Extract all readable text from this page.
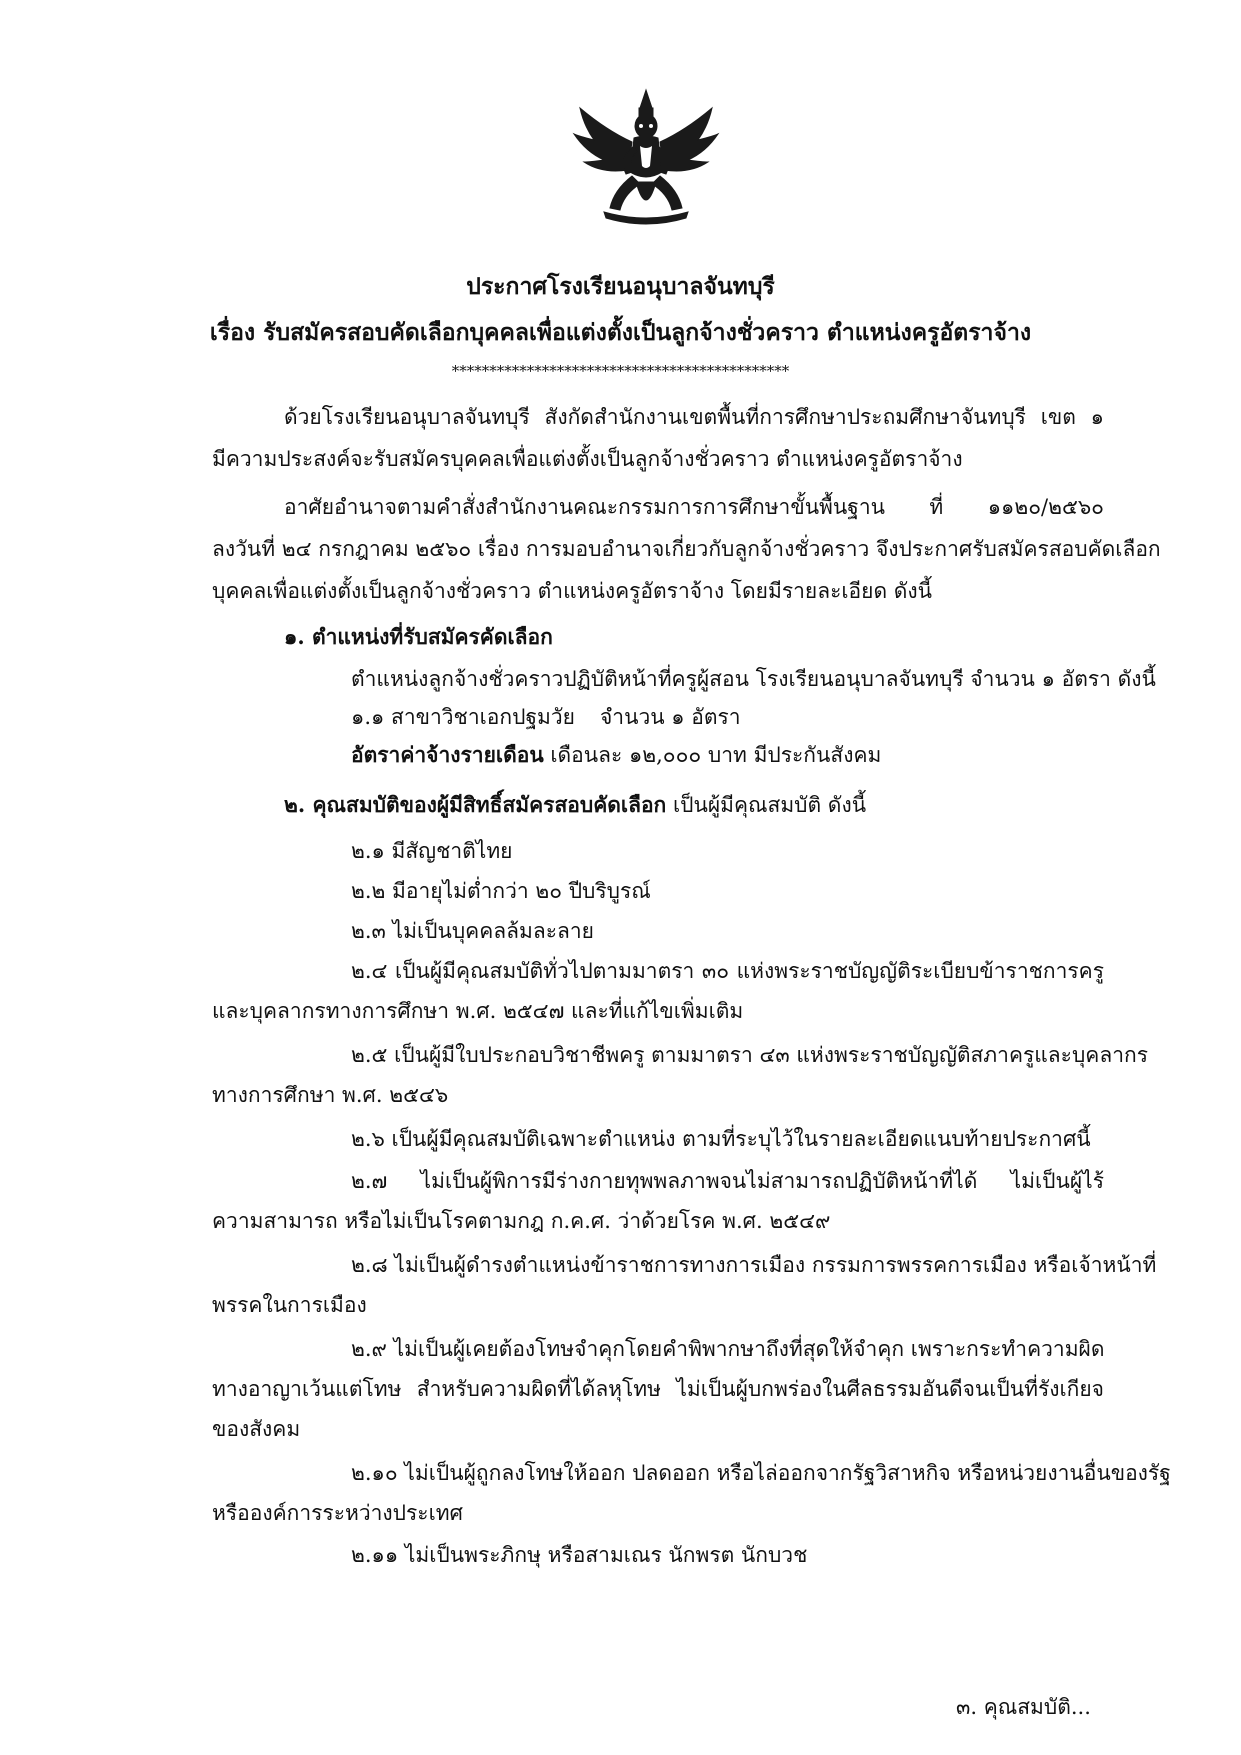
ประกาศโรงเรียนอนุบาลจันทบุรี

เรื่อง รับสมัครสอบคัดเลือกบุคคลเพื่อแต่งตั้งเป็นลูกจ้างชั่วคราว ตำแหน่งครูอัตราจ้าง

*********************************************

ด้วยโรงเรียนอนุบาลจันทบุรี สังกัดสำนักงานเขตพื้นที่การศึกษาประถมศึกษาจันทบุรี เขต ๑

มีความประสงค์จะรับสมัครบุคคลเพื่อแต่งตั้งเป็นลูกจ้างชั่วคราว ตำแหน่งครูอัตราจ้าง

อาศัยอำนาจตามคำสั่งสำนักงานคณะกรรมการการศึกษาขั้นพื้นฐาน ที่ ๑๑๒๐/๒๕๖๐

ลงวันที่ ๒๔ กรกฎาคม ๒๕๖๐ เรื่อง การมอบอำนาจเกี่ยวกับลูกจ้างชั่วคราว จึงประกาศรับสมัครสอบคัดเลือก

บุคคลเพื่อแต่งตั้งเป็นลูกจ้างชั่วคราว ตำแหน่งครูอัตราจ้าง โดยมีรายละเอียด ดังนี้

๑. ตำแหน่งที่รับสมัครคัดเลือก

ตำแหน่งลูกจ้างชั่วคราวปฏิบัติหน้าที่ครูผู้สอน โรงเรียนอนุบาลจันทบุรี จำนวน ๑ อัตรา ดังนี้

๑.๑ สาขาวิชาเอกปฐมวัย จำนวน ๑ อัตรา

อัตราค่าจ้างรายเดือน เดือนละ ๑๒,๐๐๐ บาท มีประกันสังคม

๒. คุณสมบัติของผู้มีสิทธิ์สมัครสอบคัดเลือก เป็นผู้มีคุณสมบัติ ดังนี้

๒.๑ มีสัญชาติไทย

๒.๒ มีอายุไม่ต่ำกว่า ๒๐ ปีบริบูรณ์

๒.๓ ไม่เป็นบุคคลล้มละลาย

๒.๔ เป็นผู้มีคุณสมบัติทั่วไปตามมาตรา ๓๐ แห่งพระราชบัญญัติระเบียบข้าราชการครู

และบุคลากรทางการศึกษา พ.ศ. ๒๕๔๗ และที่แก้ไขเพิ่มเติม

๒.๕ เป็นผู้มีใบประกอบวิชาชีพครู ตามมาตรา ๔๓ แห่งพระราชบัญญัติสภาครูและบุคลากร

ทางการศึกษา พ.ศ. ๒๕๔๖

๒.๖ เป็นผู้มีคุณสมบัติเฉพาะตำแหน่ง ตามที่ระบุไว้ในรายละเอียดแนบท้ายประกาศนี้

๒.๗ ไม่เป็นผู้พิการมีร่างกายทุพพลภาพจนไม่สามารถปฏิบัติหน้าที่ได้ ไม่เป็นผู้ไร้

ความสามารถ หรือไม่เป็นโรคตามกฎ ก.ค.ศ. ว่าด้วยโรค พ.ศ. ๒๕๔๙

๒.๘ ไม่เป็นผู้ดำรงตำแหน่งข้าราชการทางการเมือง กรรมการพรรคการเมือง หรือเจ้าหน้าที่

พรรคในการเมือง

๒.๙ ไม่เป็นผู้เคยต้องโทษจำคุกโดยคำพิพากษาถึงที่สุดให้จำคุก เพราะกระทำความผิด

ทางอาญาเว้นแต่โทษ สำหรับความผิดที่ได้ลหุโทษ ไม่เป็นผู้บกพร่องในศีลธรรมอันดีจนเป็นที่รังเกียจ

ของสังคม

๒.๑๐ ไม่เป็นผู้ถูกลงโทษให้ออก ปลดออก หรือไล่ออกจากรัฐวิสาหกิจ หรือหน่วยงานอื่นของรัฐ

หรือองค์การระหว่างประเทศ

๒.๑๑ ไม่เป็นพระภิกษุ หรือสามเณร นักพรต นักบวช

๓. คุณสมบัติ...
